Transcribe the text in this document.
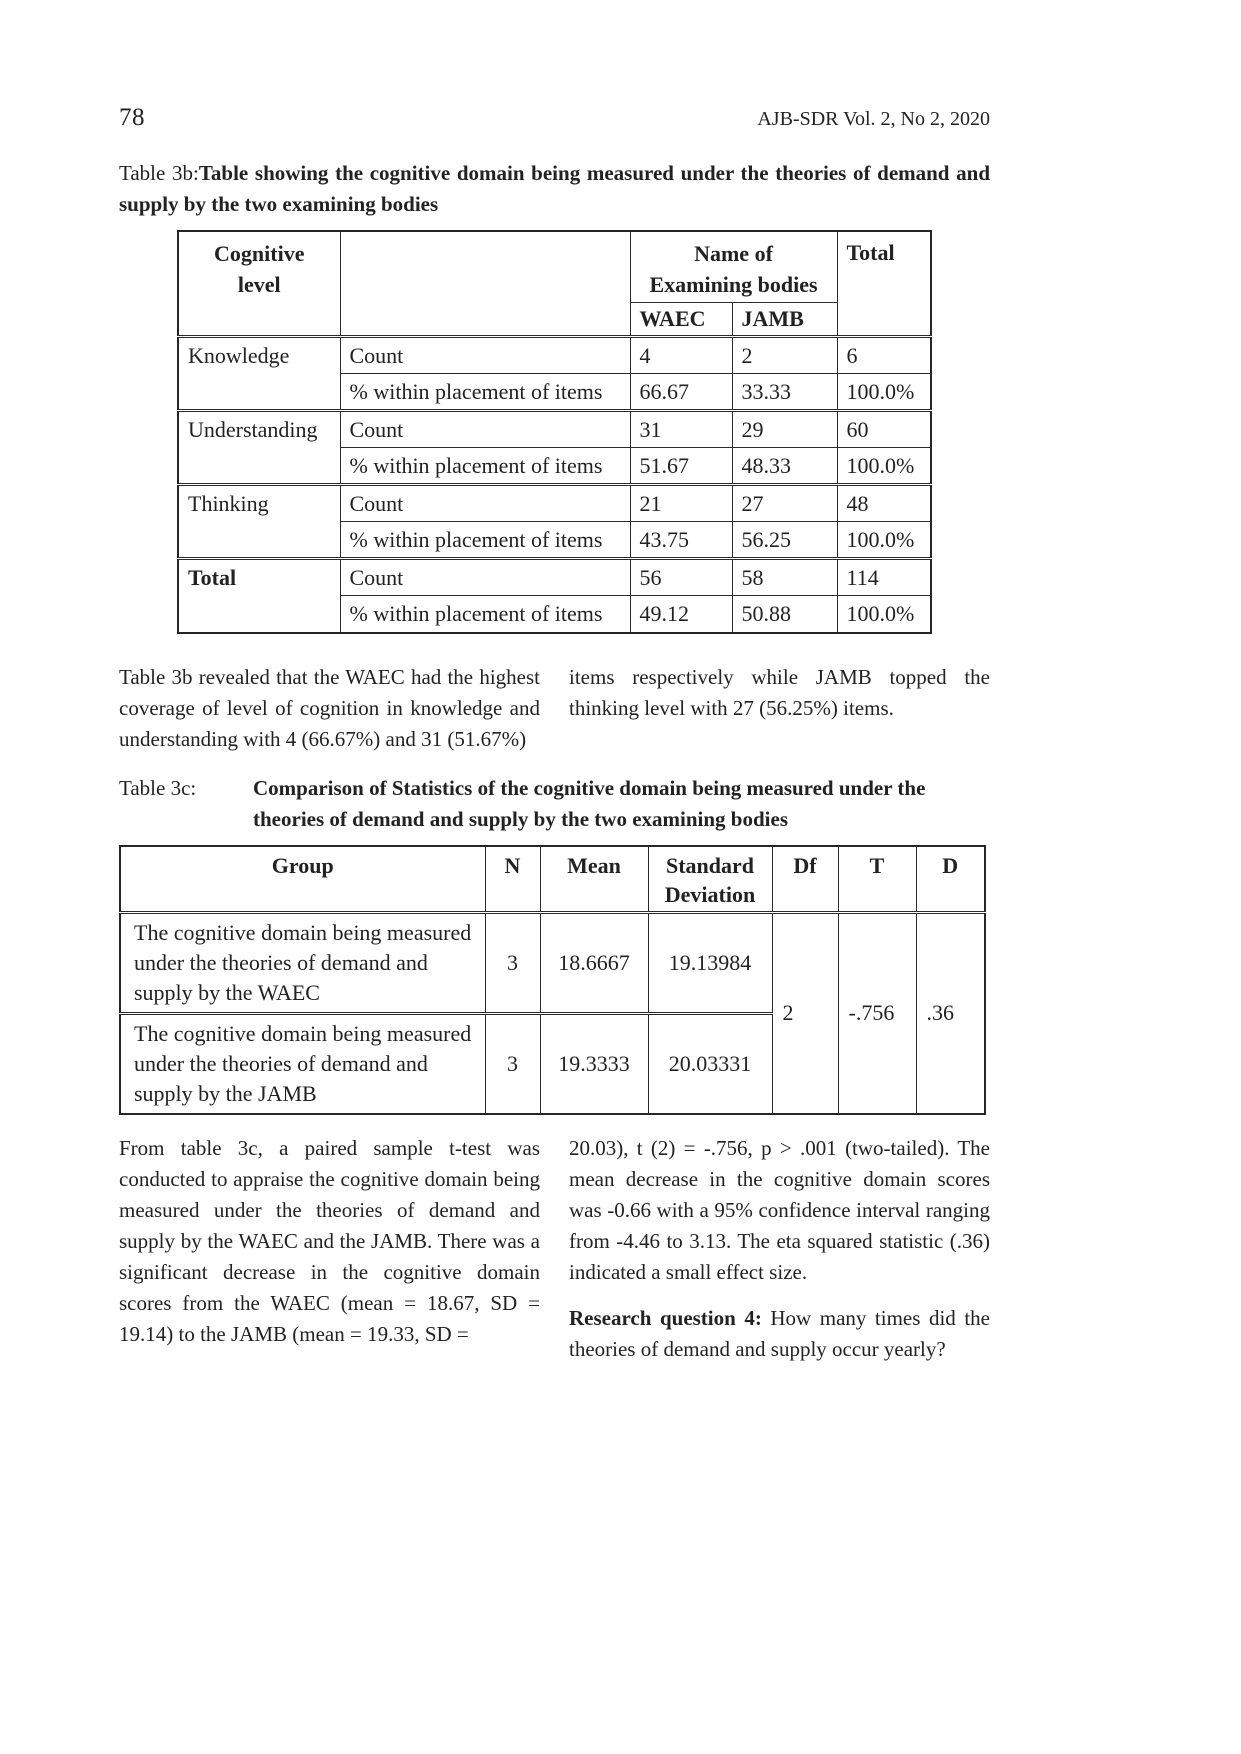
78	AJB-SDR Vol. 2, No 2, 2020

Table 3b:Table showing the cognitive domain being measured under the theories of demand and supply by the two examining bodies

Cognitive level		Name of Examining bodies		Total
		WAEC	JAMB	
Knowledge	Count	4	2	6
	% within placement of items	66.67	33.33	100.0%
Understanding	Count	31	29	60
	% within placement of items	51.67	48.33	100.0%
Thinking	Count	21	27	48
	% within placement of items	43.75	56.25	100.0%
Total	Count	56	58	114
	% within placement of items	49.12	50.88	100.0%
Table 3b revealed that the WAEC had the highest coverage of level of cognition in knowledge and understanding with 4 (66.67%) and 31 (51.67%)
items respectively while JAMB topped the thinking level with 27 (56.25%) items.
Table 3c:	Comparison of Statistics of the cognitive domain being measured under the theories of demand and supply by the two examining bodies
Group	N	Mean	Standard Deviation	Df	T	D
The cognitive domain being measured under the theories of demand and supply by the WAEC	3	18.6667	19.13984	2	-.756	.36
The cognitive domain being measured under the theories of demand and supply by the JAMB	3	19.3333	20.03331			
From table 3c, a paired sample t-test was conducted to appraise the cognitive domain being measured under the theories of demand and supply by the WAEC and the JAMB. There was a significant decrease in the cognitive domain scores from the WAEC (mean = 18.67, SD = 19.14) to the JAMB (mean = 19.33, SD =
20.03), t (2) = -.756, p > .001 (two-tailed). The mean decrease in the cognitive domain scores was -0.66 with a 95% confidence interval ranging from -4.46 to 3.13. The eta squared statistic (.36) indicated a small effect size.
Research question 4: How many times did the theories of demand and supply occur yearly?
